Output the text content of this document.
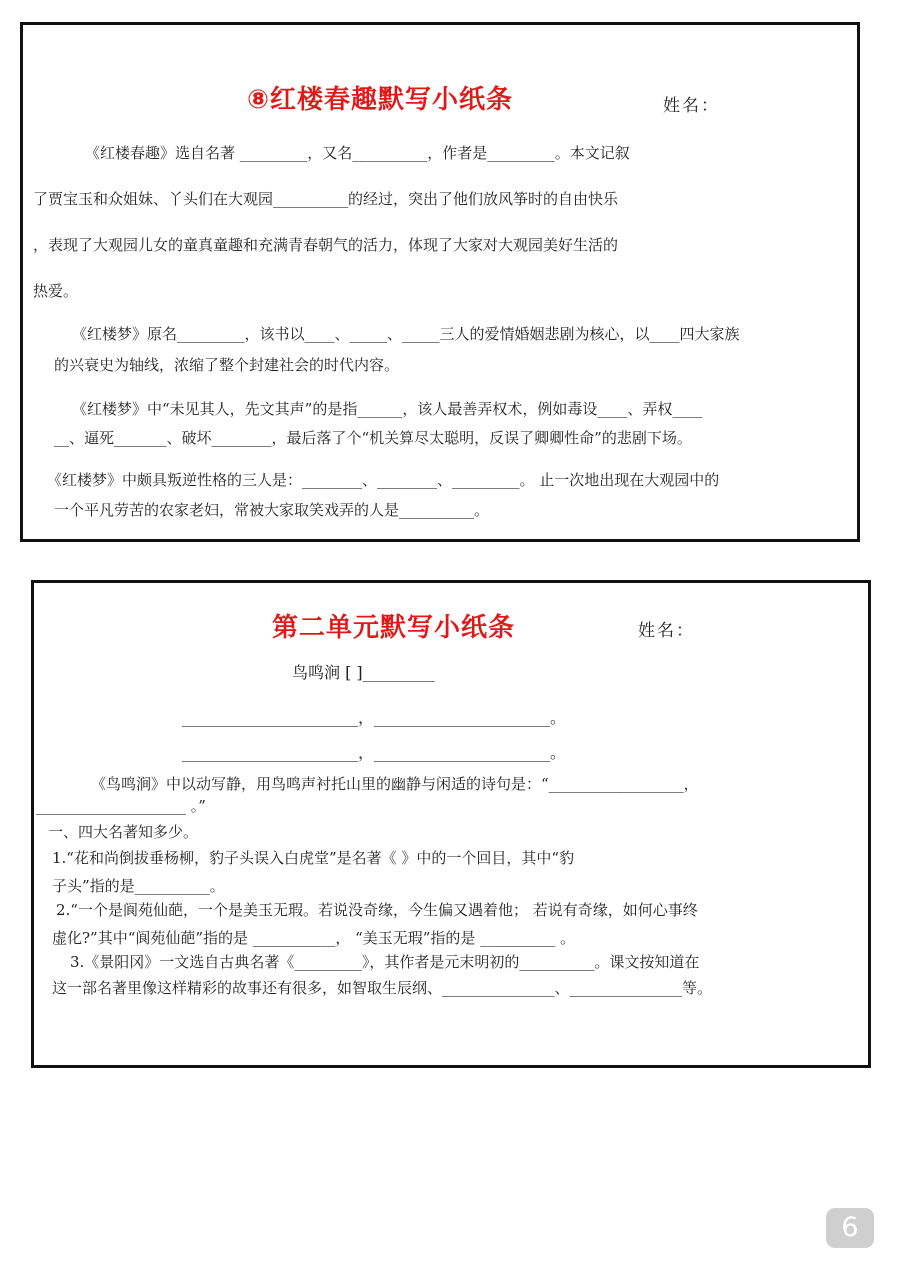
⑧红楼春趣默写小纸条	姓名：
《红楼春趣》选自名著 _________，又名__________，作者是_________。本文记叙
了贾宝玉和众姐妹、丫头们在大观园__________的经过，突出了他们放风筝时的自由快乐
，表现了大观园儿女的童真童趣和充满青春朝气的活力，体现了大家对大观园美好生活的
热爱。
《红楼梦》原名_________，该书以____、_____、_____三人的爱情婚姻悲剧为核心，以____四大家族
的兴衰史为轴线，浓缩了整个封建社会的时代内容。
《红楼梦》中“未见其人，先文其声”的是指______，该人最善弄权术，例如毒设____、弄权____
__、逼死_______、破坏________，最后落了个“机关算尽太聪明，反误了卿卿性命”的悲剧下场。
《红楼梦》中颇具叛逆性格的三人是：________、________、_________。 止一次地出现在大观园中的
一个平凡劳苦的农家老妇，常被大家取笑戏弄的人是__________。
第二单元默写小纸条	姓名：
鸟鸣涧 [ ]_________
______________________，______________________。
______________________，______________________。
《鸟鸣涧》中以动写静，用鸟鸣声衬托山里的幽静与闲适的诗句是：“__________________，
____________________ 。”
一、四大名著知多少。
1.“花和尚倒拔垂杨柳，豹子头误入白虎堂”是名著《 》中的一个回目，其中“豹
子头”指的是__________。
2.“一个是阆苑仙葩，一个是美玉无瑕。若说没奇缘，今生偏又遇着他； 若说有奇缘，如何心事终
虚化?”其中“阆苑仙葩”指的是 ___________， “美玉无瑕”指的是 __________ 。
3.《景阳冈》一文选自古典名著《_________》，其作者是元末明初的__________。课文按知道在
这一部名著里像这样精彩的故事还有很多，如智取生辰纲、_______________、_______________等。
6
